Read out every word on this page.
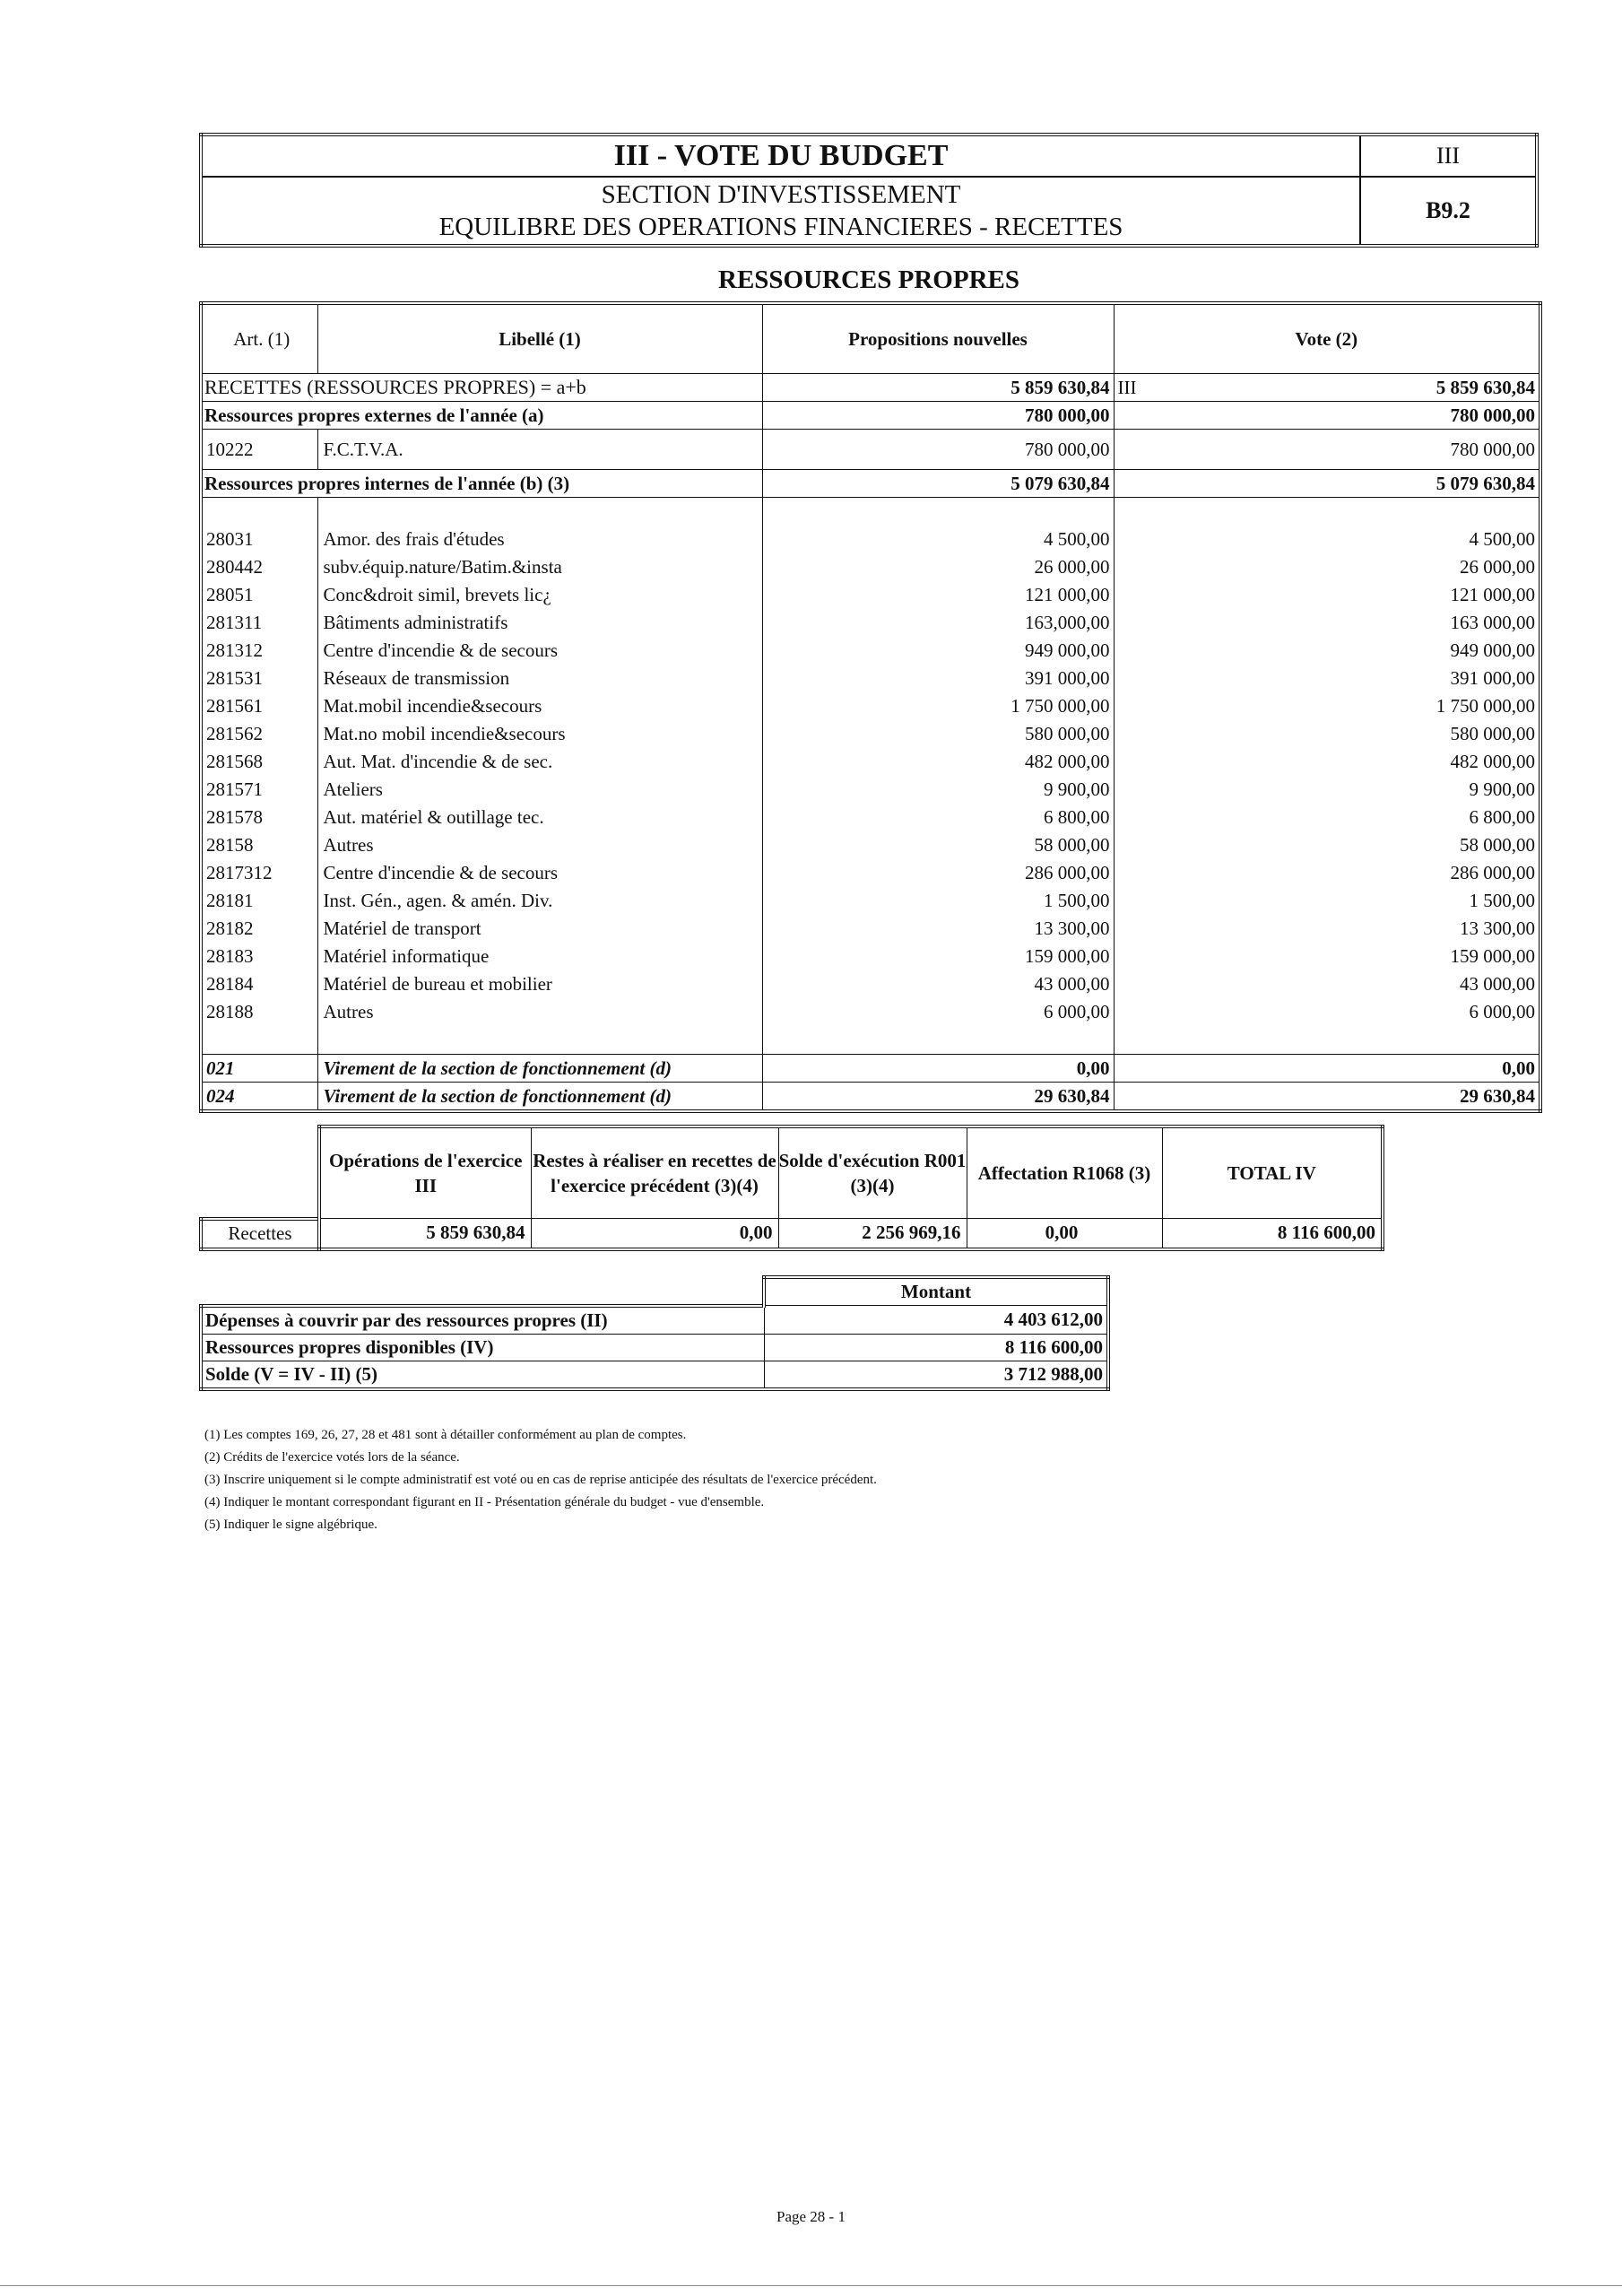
III - VOTE DU BUDGET	III

SECTION D'INVESTISSEMENT
EQUILIBRE DES OPERATIONS FINANCIERES - RECETTES	B9.2
RESSOURCES PROPRES
Art. (1)	Libellé (1)	Propositions nouvelles	Vote (2)
RECETTES (RESSOURCES PROPRES) = a+b		5 859 630,84	III 5 859 630,84

Ressources propres externes de l'année (a)		780 000,00	780 000,00
10222	F.C.T.V.A.	780 000,00	780 000,00
Ressources propres internes de l'année (b) (3)		5 079 630,84	5 079 630,84

28031	Amor. des frais d'études	4 500,00	4 500,00
280442	subv.équip.nature/Batim.&insta	26 000,00	26 000,00
28051	Conc&droit simil, brevets lic¿	121 000,00	121 000,00
281311	Bâtiments administratifs	163,000,00	163 000,00
281312	Centre d'incendie & de secours	949 000,00	949 000,00
281531	Réseaux de transmission	391 000,00	391 000,00
281561	Mat.mobil incendie&secours	1 750 000,00	1 750 000,00
281562	Mat.no mobil incendie&secours	580 000,00	580 000,00
281568	Aut. Mat. d'incendie & de sec.	482 000,00	482 000,00
281571	Ateliers	9 900,00	9 900,00
281578	Aut. matériel & outillage tec.	6 800,00	6 800,00
28158	Autres	58 000,00	58 000,00
2817312	Centre d'incendie & de secours	286 000,00	286 000,00
28181	Inst. Gén., agen. & amén. Div.	1 500,00	1 500,00
28182	Matériel de transport	13 300,00	13 300,00
28183	Matériel informatique	159 000,00	159 000,00
28184	Matériel de bureau et mobilier	43 000,00	43 000,00
28188	Autres	6 000,00	6 000,00

021	Virement de la section de fonctionnement (d)	0,00	0,00
024	Virement de la section de fonctionnement (d)	29 630,84	29 630,84
	Opérations de l'exercice III	Restes à réaliser en recettes de l'exercice précédent (3)(4)	Solde d'exécution R001 (3)(4)	Affectation R1068 (3)	TOTAL IV
Recettes	5 859 630,84	0,00	2 256 969,16	0,00	8 116 600,00
	Montant
Dépenses à couvrir par des ressources propres (II)	4 403 612,00
Ressources propres disponibles (IV)	8 116 600,00
Solde (V = IV - II) (5)	3 712 988,00
(1) Les comptes 169, 26, 27, 28 et 481 sont à détailler conformément au plan de comptes.
(2) Crédits de l'exercice votés lors de la séance.
(3) Inscrire uniquement si le compte administratif est voté ou en cas de reprise anticipée des résultats de l'exercice précédent.
(4) Indiquer le montant correspondant figurant en II - Présentation générale du budget - vue d'ensemble.
(5) Indiquer le signe algébrique.
Page 28 - 1
